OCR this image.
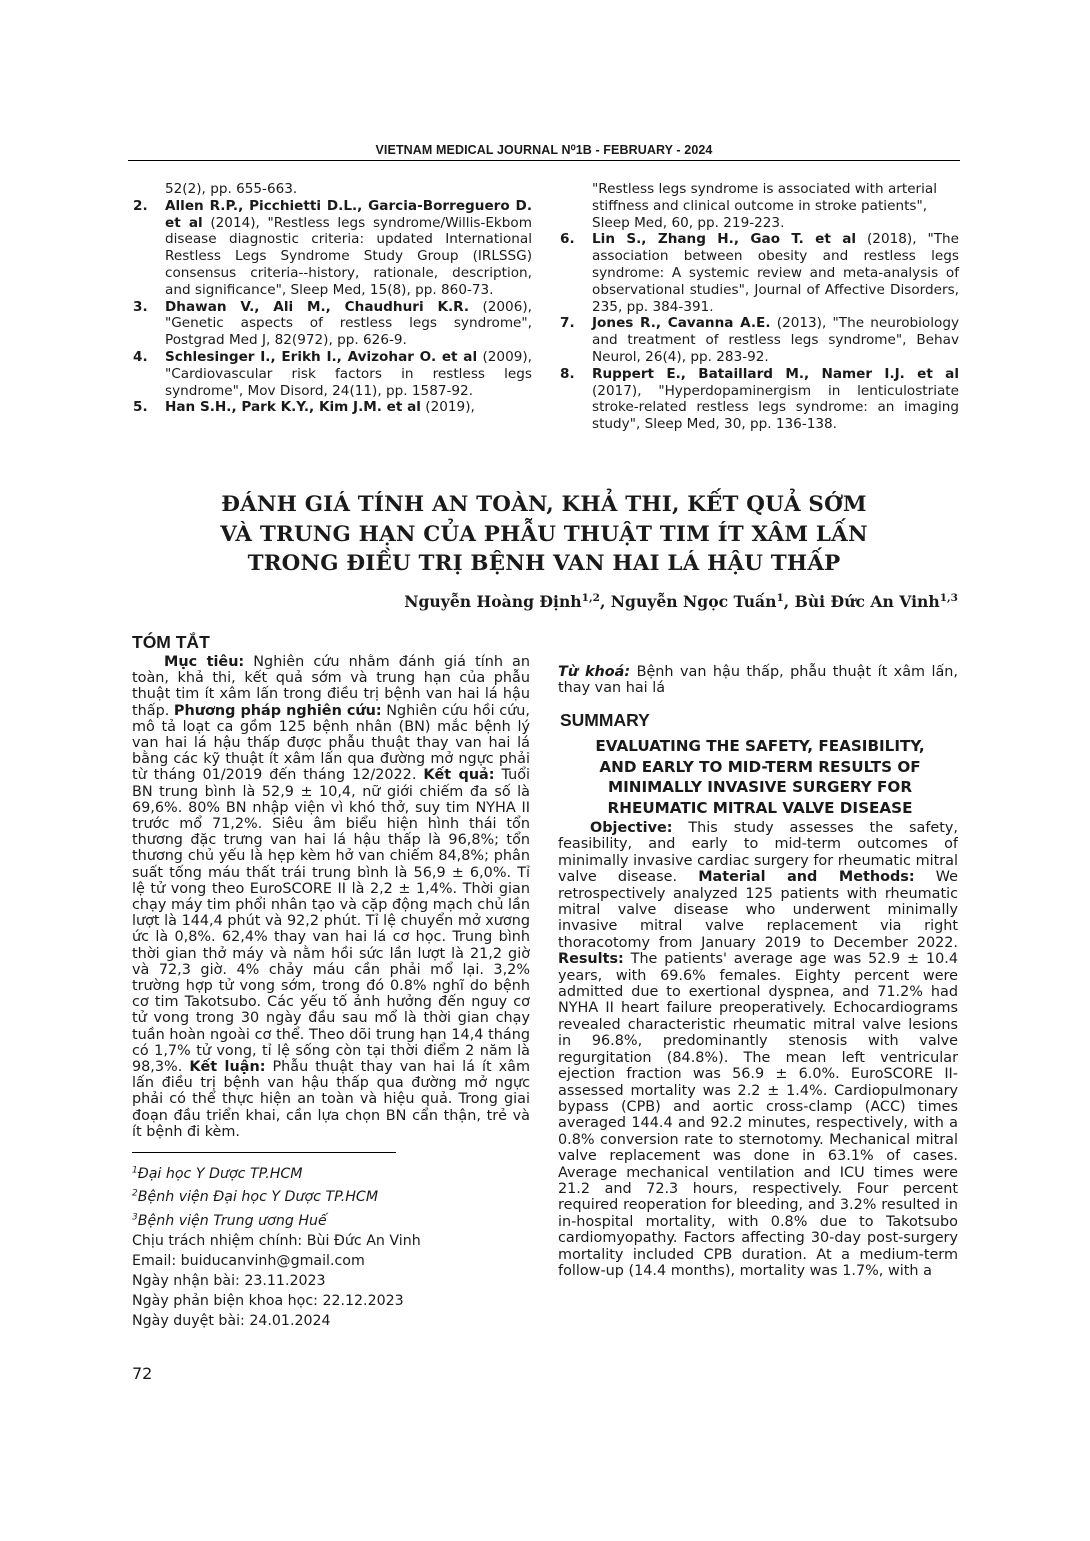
VIETNAM MEDICAL JOURNAL N⁰1B - FEBRUARY - 2024
52(2), pp. 655-663.
2. Allen R.P., Picchietti D.L., Garcia-Borreguero D. et al (2014), "Restless legs syndrome/Willis-Ekbom disease diagnostic criteria: updated International Restless Legs Syndrome Study Group (IRLSSG) consensus criteria--history, rationale, description, and significance", Sleep Med, 15(8), pp. 860-73.
3. Dhawan V., Ali M., Chaudhuri K.R. (2006), "Genetic aspects of restless legs syndrome", Postgrad Med J, 82(972), pp. 626-9.
4. Schlesinger I., Erikh I., Avizohar O. et al (2009), "Cardiovascular risk factors in restless legs syndrome", Mov Disord, 24(11), pp. 1587-92.
5. Han S.H., Park K.Y., Kim J.M. et al (2019),
"Restless legs syndrome is associated with arterial stiffness and clinical outcome in stroke patients", Sleep Med, 60, pp. 219-223.
6. Lin S., Zhang H., Gao T. et al (2018), "The association between obesity and restless legs syndrome: A systemic review and meta-analysis of observational studies", Journal of Affective Disorders, 235, pp. 384-391.
7. Jones R., Cavanna A.E. (2013), "The neurobiology and treatment of restless legs syndrome", Behav Neurol, 26(4), pp. 283-92.
8. Ruppert E., Bataillard M., Namer I.J. et al (2017), "Hyperdopaminergism in lenticulostriate stroke-related restless legs syndrome: an imaging study", Sleep Med, 30, pp. 136-138.
ĐÁNH GIÁ TÍNH AN TOÀN, KHẢ THI, KẾT QUẢ SỚM
VÀ TRUNG HẠN CỦA PHẪU THUẬT TIM ÍT XÂM LẤN
TRONG ĐIỀU TRỊ BỆNH VAN HAI LÁ HẬU THẤP
Nguyễn Hoàng Định$^{1,2}$, Nguyễn Ngọc Tuấn$^1$, Bùi Đức An Vinh$^{1,3}$
TÓM TẮT
Mục tiêu: Nghiên cứu nhằm đánh giá tính an toàn, khả thi, kết quả sớm và trung hạn của phẫu thuật tim ít xâm lấn trong điều trị bệnh van hai lá hậu thấp. Phương pháp nghiên cứu: Nghiên cứu hồi cứu, mô tả loạt ca gồm 125 bệnh nhân (BN) mắc bệnh lý van hai lá hậu thấp được phẫu thuật thay van hai lá bằng các kỹ thuật ít xâm lấn qua đường mở ngực phải từ tháng 01/2019 đến tháng 12/2022. Kết quả: Tuổi BN trung bình là 52,9 ± 10,4, nữ giới chiếm đa số là 69,6%. 80% BN nhập viện vì khó thở, suy tim NYHA II trước mổ 71,2%. Siêu âm biểu hiện hình thái tổn thương đặc trưng van hai lá hậu thấp là 96,8%; tổn thương chủ yếu là hẹp kèm hở van chiếm 84,8%; phân suất tống máu thất trái trung bình là 56,9 ± 6,0%. Tỉ lệ tử vong theo EuroSCORE II là 2,2 ± 1,4%. Thời gian chạy máy tim phổi nhân tạo và cặp động mạch chủ lần lượt là 144,4 phút và 92,2 phút. Tỉ lệ chuyển mở xương ức là 0,8%. 62,4% thay van hai lá cơ học. Trung bình thời gian thở máy và nằm hồi sức lần lượt là 21,2 giờ và 72,3 giờ. 4% chảy máu cần phải mổ lại. 3,2% trường hợp tử vong sớm, trong đó 0.8% nghĩ do bệnh cơ tim Takotsubo. Các yếu tố ảnh hưởng đến nguy cơ tử vong trong 30 ngày đầu sau mổ là thời gian chạy tuần hoàn ngoài cơ thể. Theo dõi trung hạn 14,4 tháng có 1,7% tử vong, tỉ lệ sống còn tại thời điểm 2 năm là 98,3%. Kết luận: Phẫu thuật thay van hai lá ít xâm lấn điều trị bệnh van hậu thấp qua đường mở ngực phải có thể thực hiện an toàn và hiệu quả. Trong giai đoạn đầu triển khai, cần lựa chọn BN cẩn thận, trẻ và ít bệnh đi kèm.
Từ khoá: Bệnh van hậu thấp, phẫu thuật ít xâm lấn, thay van hai lá
SUMMARY
EVALUATING THE SAFETY, FEASIBILITY,
AND EARLY TO MID-TERM RESULTS OF
MINIMALLY INVASIVE SURGERY FOR
RHEUMATIC MITRAL VALVE DISEASE
Objective: This study assesses the safety, feasibility, and early to mid-term outcomes of minimally invasive cardiac surgery for rheumatic mitral valve disease. Material and Methods: We retrospectively analyzed 125 patients with rheumatic mitral valve disease who underwent minimally invasive mitral valve replacement via right thoracotomy from January 2019 to December 2022. Results: The patients' average age was 52.9 ± 10.4 years, with 69.6% females. Eighty percent were admitted due to exertional dyspnea, and 71.2% had NYHA II heart failure preoperatively. Echocardiograms revealed characteristic rheumatic mitral valve lesions in 96.8%, predominantly stenosis with valve regurgitation (84.8%). The mean left ventricular ejection fraction was 56.9 ± 6.0%. EuroSCORE II-assessed mortality was 2.2 ± 1.4%. Cardiopulmonary bypass (CPB) and aortic cross-clamp (ACC) times averaged 144.4 and 92.2 minutes, respectively, with a 0.8% conversion rate to sternotomy. Mechanical mitral valve replacement was done in 63.1% of cases. Average mechanical ventilation and ICU times were 21.2 and 72.3 hours, respectively. Four percent required reoperation for bleeding, and 3.2% resulted in in-hospital mortality, with 0.8% due to Takotsubo cardiomyopathy. Factors affecting 30-day post-surgery mortality included CPB duration. At a medium-term follow-up (14.4 months), mortality was 1.7%, with a
$^1$Đại học Y Dược TP.HCM
$^2$Bệnh viện Đại học Y Dược TP.HCM
$^3$Bệnh viện Trung ương Huế
Chịu trách nhiệm chính: Bùi Đức An Vinh
Email: buiducanvinh@gmail.com
Ngày nhận bài: 23.11.2023
Ngày phản biện khoa học: 22.12.2023
Ngày duyệt bài: 24.01.2024
72
